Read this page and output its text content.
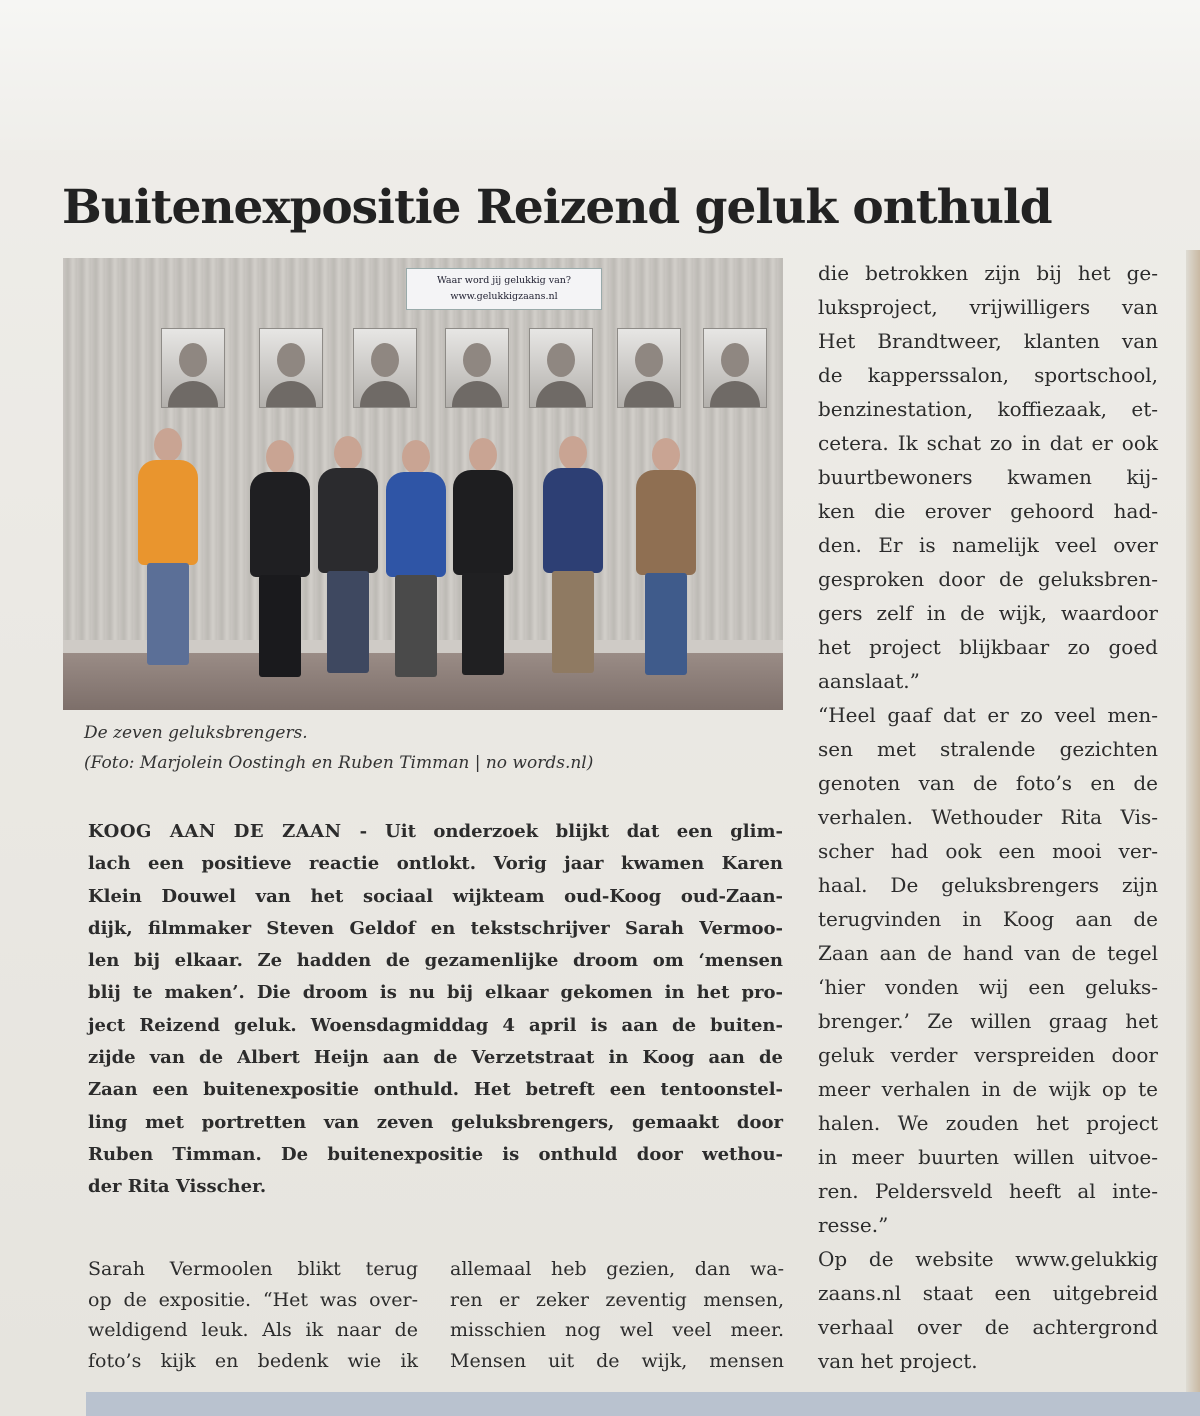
Buitenexpositie Reizend geluk onthuld
Waar word jij gelukkig van?
www.gelukkigzaans.nl

De zeven geluksbrengers.
(Foto: Marjolein Oostingh en Ruben Timman | no words.nl)

KOOG AAN DE ZAAN - Uit onderzoek blijkt dat een glim-
lach een positieve reactie ontlokt. Vorig jaar kwamen Karen
Klein Douwel van het sociaal wijkteam oud-Koog oud-Zaan-
dijk, filmmaker Steven Geldof en tekstschrijver Sarah Vermoo-
len bij elkaar. Ze hadden de gezamenlijke droom om ‘mensen
blij te maken’. Die droom is nu bij elkaar gekomen in het pro-
ject Reizend geluk. Woensdagmiddag 4 april is aan de buiten-
zijde van de Albert Heijn aan de Verzetstraat in Koog aan de
Zaan een buitenexpositie onthuld. Het betreft een tentoonstel-
ling met portretten van zeven geluksbrengers, gemaakt door
Ruben Timman. De buitenexpositie is onthuld door wethou-
der Rita Visscher.

Sarah Vermoolen blikt terug
op de expositie. “Het was over-
weldigend leuk. Als ik naar de
foto’s kijk en bedenk wie ik

allemaal heb gezien, dan wa-
ren er zeker zeventig mensen,
misschien nog wel veel meer.
Mensen uit de wijk, mensen

die betrokken zijn bij het ge-
luksproject, vrijwilligers van
Het Brandtweer, klanten van
de kapperssalon, sportschool,
benzinestation, koffiezaak, et-
cetera. Ik schat zo in dat er ook
buurtbewoners kwamen kij-
ken die erover gehoord had-
den. Er is namelijk veel over
gesproken door de geluksbren-
gers zelf in de wijk, waardoor
het project blijkbaar zo goed
aanslaat.”
“Heel gaaf dat er zo veel men-
sen met stralende gezichten
genoten van de foto’s en de
verhalen. Wethouder Rita Vis-
scher had ook een mooi ver-
haal. De geluksbrengers zijn
terugvinden in Koog aan de
Zaan aan de hand van de tegel
‘hier vonden wij een geluks-
brenger.’ Ze willen graag het
geluk verder verspreiden door
meer verhalen in de wijk op te
halen. We zouden het project
in meer buurten willen uitvoe-
ren. Peldersveld heeft al inte-
resse.”
Op de website www.gelukkig
zaans.nl staat een uitgebreid
verhaal over de achtergrond
van het project.
